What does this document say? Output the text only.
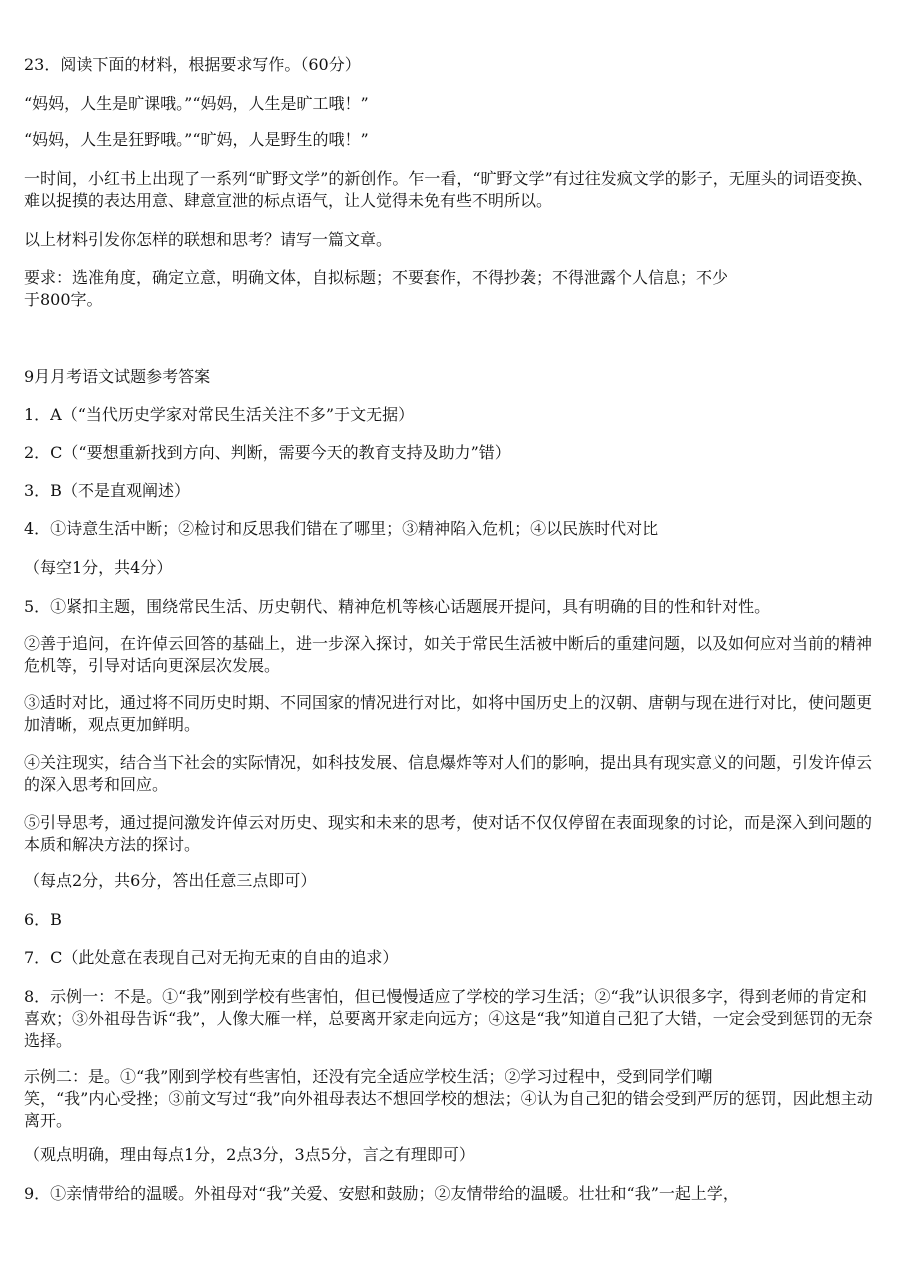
23．阅读下面的材料，根据要求写作。（60分）

“妈妈，人生是旷课哦。”“妈妈，人生是旷工哦！”

“妈妈，人生是狂野哦。”“旷妈，人是野生的哦！”

一时间，小红书上出现了一系列“旷野文学”的新创作。乍一看，“旷野文学”有过往发疯文学的影子，无厘头的词语变换、难以捉摸的表达用意、肆意宣泄的标点语气，让人觉得未免有些不明所以。

以上材料引发你怎样的联想和思考？请写一篇文章。

要求：选准角度，确定立意，明确文体，自拟标题；不要套作，不得抄袭；不得泄露个人信息；不少
于800字。

9月月考语文试题参考答案

1．A（“当代历史学家对常民生活关注不多”于文无据）

2．C（“要想重新找到方向、判断，需要今天的教育支持及助力”错）

3．B（不是直观阐述）

4．①诗意生活中断；②检讨和反思我们错在了哪里；③精神陷入危机；④以民族时代对比

（每空1分，共4分）

5．①紧扣主题，围绕常民生活、历史朝代、精神危机等核心话题展开提问，具有明确的目的性和针对性。

②善于追问，在许倬云回答的基础上，进一步深入探讨，如关于常民生活被中断后的重建问题，以及如何应对当前的精神危机等，引导对话向更深层次发展。

③适时对比，通过将不同历史时期、不同国家的情况进行对比，如将中国历史上的汉朝、唐朝与现在进行对比，使问题更加清晰，观点更加鲜明。

④关注现实，结合当下社会的实际情况，如科技发展、信息爆炸等对人们的影响，提出具有现实意义的问题，引发许倬云的深入思考和回应。

⑤引导思考，通过提问激发许倬云对历史、现实和未来的思考，使对话不仅仅停留在表面现象的讨论，而是深入到问题的本质和解决方法的探讨。

（每点2分，共6分，答出任意三点即可）

6．B

7．C（此处意在表现自己对无拘无束的自由的追求）

8．示例一：不是。①“我”刚到学校有些害怕，但已慢慢适应了学校的学习生活；②“我”认识很多字，得到老师的肯定和喜欢；③外祖母告诉“我”，人像大雁一样，总要离开家走向远方；④这是“我”知道自己犯了大错，一定会受到惩罚的无奈选择。

示例二：是。①“我”刚到学校有些害怕，还没有完全适应学校生活；②学习过程中，受到同学们嘲
笑，“我”内心受挫；③前文写过“我”向外祖母表达不想回学校的想法；④认为自己犯的错会受到严厉的惩罚，因此想主动离开。

（观点明确，理由每点1分，2点3分，3点5分，言之有理即可）

9．①亲情带给的温暖。外祖母对“我”关爱、安慰和鼓励；②友情带给的温暖。壮壮和“我”一起上学，
